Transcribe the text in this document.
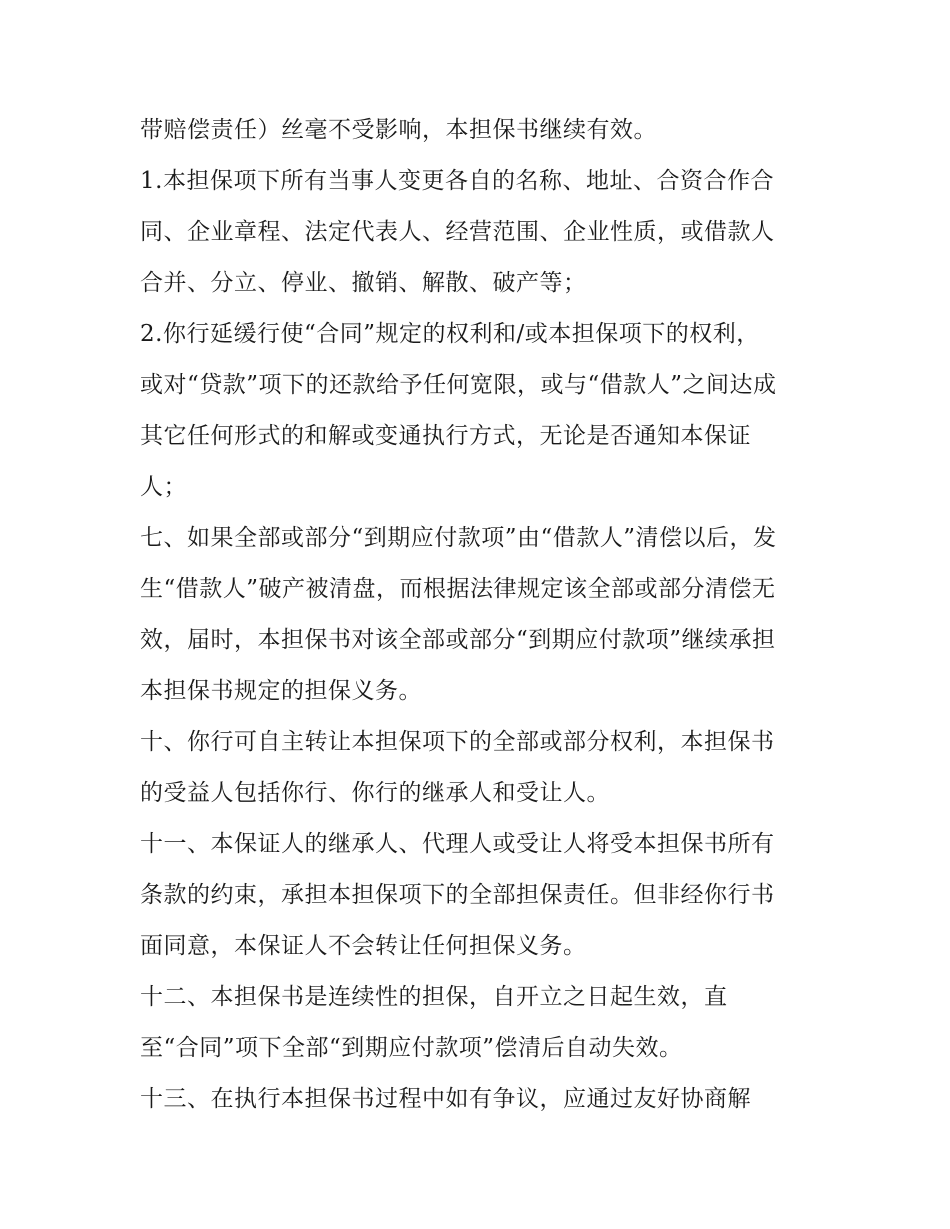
带赔偿责任）丝毫不受影响，本担保书继续有效。
1.本担保项下所有当事人变更各自的名称、地址、合资合作合
同、企业章程、法定代表人、经营范围、企业性质，或借款人
合并、分立、停业、撤销、解散、破产等；
2.你行延缓行使“合同”规定的权利和/或本担保项下的权利，
或对“贷款”项下的还款给予任何宽限，或与“借款人”之间达成
其它任何形式的和解或变通执行方式，无论是否通知本保证
人；
七、如果全部或部分“到期应付款项”由“借款人”清偿以后，发
生“借款人”破产被清盘，而根据法律规定该全部或部分清偿无
效，届时，本担保书对该全部或部分“到期应付款项”继续承担
本担保书规定的担保义务。
十、你行可自主转让本担保项下的全部或部分权利，本担保书
的受益人包括你行、你行的继承人和受让人。
十一、本保证人的继承人、代理人或受让人将受本担保书所有
条款的约束，承担本担保项下的全部担保责任。但非经你行书
面同意，本保证人不会转让任何担保义务。
十二、本担保书是连续性的担保，自开立之日起生效，直
至“合同”项下全部“到期应付款项”偿清后自动失效。
十三、在执行本担保书过程中如有争议，应通过友好协商解
